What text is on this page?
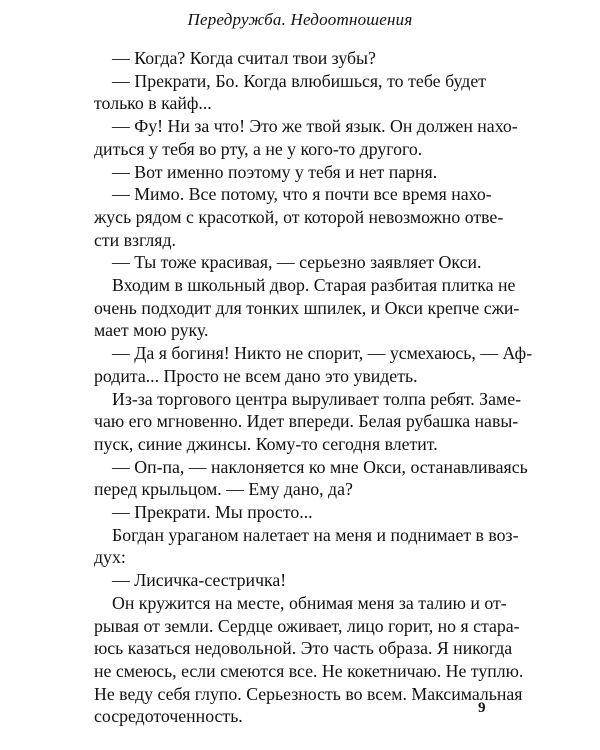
Передружба. Недоотношения
— Когда? Когда считал твои зубы?
— Прекрати, Бо. Когда влюбишься, то тебе будет
только в кайф...
— Фу! Ни за что! Это же твой язык. Он должен нахо-
диться у тебя во рту, а не у кого-то другого.
— Вот именно поэтому у тебя и нет парня.
— Мимо. Все потому, что я почти все время нахо-
жусь рядом с красоткой, от которой невозможно отве-
сти взгляд.
— Ты тоже красивая, — серьезно заявляет Окси.
Входим в школьный двор. Старая разбитая плитка не
очень подходит для тонких шпилек, и Окси крепче сжи-
мает мою руку.
— Да я богиня! Никто не спорит, — усмехаюсь, — Аф-
родита... Просто не всем дано это увидеть.
Из-за торгового центра выруливает толпа ребят. Заме-
чаю его мгновенно. Идет впереди. Белая рубашка навы-
пуск, синие джинсы. Кому-то сегодня влетит.
— Оп-па, — наклоняется ко мне Окси, останавливаясь
перед крыльцом. — Ему дано, да?
— Прекрати. Мы просто...
Богдан ураганом налетает на меня и поднимает в воз-
дух:
— Лисичка-сестричка!
Он кружится на месте, обнимая меня за талию и от-
рывая от земли. Сердце оживает, лицо горит, но я стара-
юсь казаться недовольной. Это часть образа. Я никогда
не смеюсь, если смеются все. Не кокетничаю. Не туплю.
Не веду себя глупо. Серьезность во всем. Максимальная
сосредоточенность.	9
